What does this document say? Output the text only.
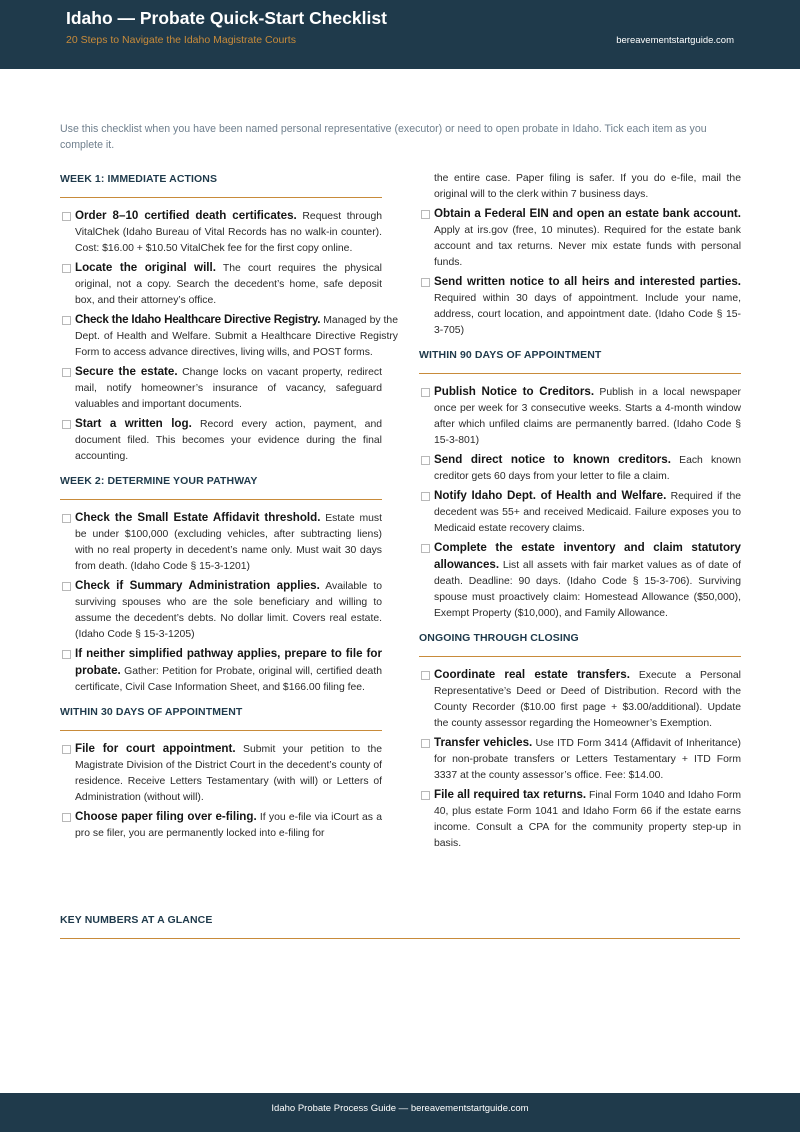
Idaho — Probate Quick-Start Checklist
20 Steps to Navigate the Idaho Magistrate Courts	bereavementstartguide.com
Use this checklist when you have been named personal representative (executor) or need to open probate in Idaho. Tick each item as you complete it.
WEEK 1: IMMEDIATE ACTIONS
Order 8–10 certified death certificates. Request through VitalChek (Idaho Bureau of Vital Records has no walk-in counter). Cost: $16.00 + $10.50 VitalChek fee for the first copy online.
Locate the original will. The court requires the physical original, not a copy. Search the decedent’s home, safe deposit box, and their attorney’s office.
Check the Idaho Healthcare Directive Registry. Managed by the Dept. of Health and Welfare. Submit a Healthcare Directive Registry Form to access advance directives, living wills, and POST forms.
Secure the estate. Change locks on vacant property, redirect mail, notify homeowner’s insurance of vacancy, safeguard valuables and important documents.
Start a written log. Record every action, payment, and document filed. This becomes your evidence during the final accounting.
WEEK 2: DETERMINE YOUR PATHWAY
Check the Small Estate Affidavit threshold. Estate must be under $100,000 (excluding vehicles, after subtracting liens) with no real property in decedent’s name only. Must wait 30 days from death. (Idaho Code § 15-3-1201)
Check if Summary Administration applies. Available to surviving spouses who are the sole beneficiary and willing to assume the decedent’s debts. No dollar limit. Covers real estate. (Idaho Code § 15-3-1205)
If neither simplified pathway applies, prepare to file for probate. Gather: Petition for Probate, original will, certified death certificate, Civil Case Information Sheet, and $166.00 filing fee.
WITHIN 30 DAYS OF APPOINTMENT
File for court appointment. Submit your petition to the Magistrate Division of the District Court in the decedent’s county of residence. Receive Letters Testamentary (with will) or Letters of Administration (without will).
Choose paper filing over e-filing. If you e-file via iCourt as a pro se filer, you are permanently locked into e-filing for
the entire case. Paper filing is safer. If you do e-file, mail the original will to the clerk within 7 business days.
Obtain a Federal EIN and open an estate bank account. Apply at irs.gov (free, 10 minutes). Required for the estate bank account and tax returns. Never mix estate funds with personal funds.
Send written notice to all heirs and interested parties. Required within 30 days of appointment. Include your name, address, court location, and appointment date. (Idaho Code § 15-3-705)
WITHIN 90 DAYS OF APPOINTMENT
Publish Notice to Creditors. Publish in a local newspaper once per week for 3 consecutive weeks. Starts a 4-month window after which unfiled claims are permanently barred. (Idaho Code § 15-3-801)
Send direct notice to known creditors. Each known creditor gets 60 days from your letter to file a claim.
Notify Idaho Dept. of Health and Welfare. Required if the decedent was 55+ and received Medicaid. Failure exposes you to Medicaid estate recovery claims.
Complete the estate inventory and claim statutory allowances. List all assets with fair market values as of date of death. Deadline: 90 days. (Idaho Code § 15-3-706). Surviving spouse must proactively claim: Homestead Allowance ($50,000), Exempt Property ($10,000), and Family Allowance.
ONGOING THROUGH CLOSING
Coordinate real estate transfers. Execute a Personal Representative’s Deed or Deed of Distribution. Record with the County Recorder ($10.00 first page + $3.00/additional). Update the county assessor regarding the Homeowner’s Exemption.
Transfer vehicles. Use ITD Form 3414 (Affidavit of Inheritance) for non-probate transfers or Letters Testamentary + ITD Form 3337 at the county assessor’s office. Fee: $14.00.
File all required tax returns. Final Form 1040 and Idaho Form 40, plus estate Form 1041 and Idaho Form 66 if the estate earns income. Consult a CPA for the community property step-up in basis.
KEY NUMBERS AT A GLANCE
Idaho Probate Process Guide — bereavementstartguide.com
